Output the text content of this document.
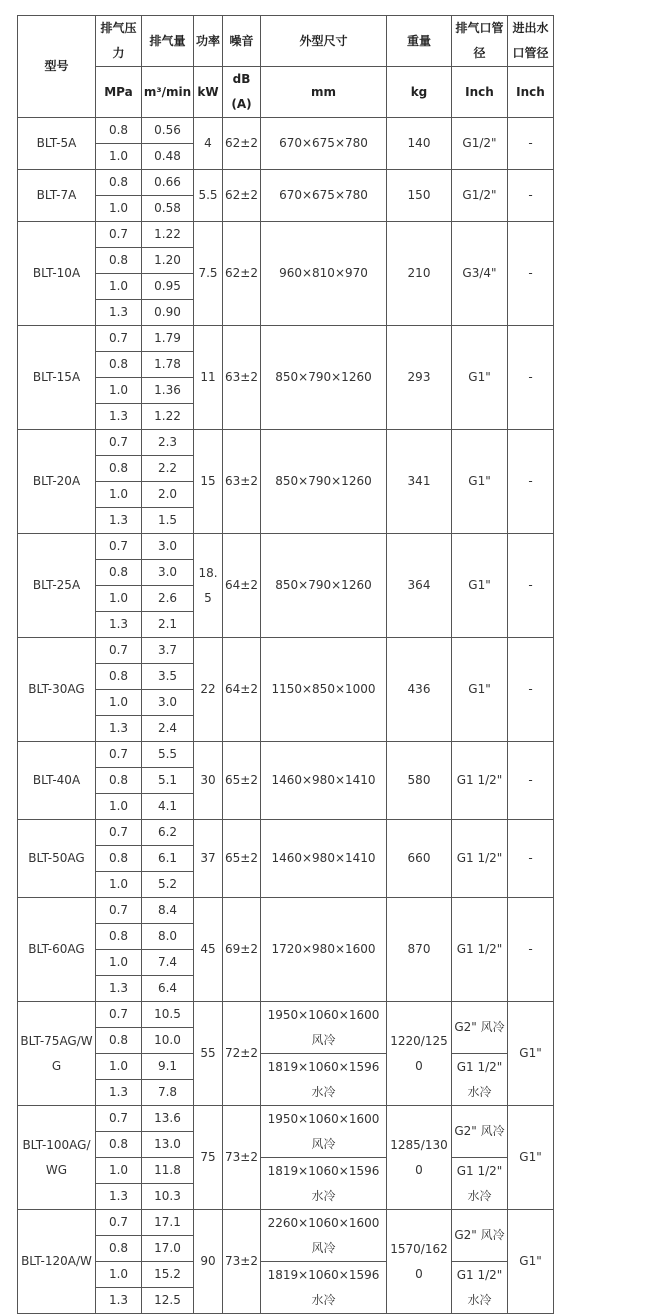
型号	排气压力	排气量	功率	噪音	外型尺寸	重量	排气口管径	进出水口管径
	MPa	m³/min	kW	dB(A)	mm	kg	Inch	Inch
BLT-5A	0.8	0.56	4	62±2	670×675×780	140	G1/2"	-
	1.0	0.48						
BLT-7A	0.8	0.66	5.5	62±2	670×675×780	150	G1/2"	-
	1.0	0.58						
BLT-10A	0.7	1.22	7.5	62±2	960×810×970	210	G3/4"	-
	0.8	1.20						
	1.0	0.95						
	1.3	0.90						
BLT-15A	0.7	1.79	11	63±2	850×790×1260	293	G1"	-
	0.8	1.78						
	1.0	1.36						
	1.3	1.22						
BLT-20A	0.7	2.3	15	63±2	850×790×1260	341	G1"	-
	0.8	2.2						
	1.0	2.0						
	1.3	1.5						
BLT-25A	0.7	3.0	18.5	64±2	850×790×1260	364	G1"	-
	0.8	3.0						
	1.0	2.6						
	1.3	2.1						
BLT-30AG	0.7	3.7	22	64±2	1150×850×1000	436	G1"	-
	0.8	3.5						
	1.0	3.0						
	1.3	2.4						
BLT-40A	0.7	5.5	30	65±2	1460×980×1410	580	G1 1/2"	-
	0.8	5.1						
	1.0	4.1						
BLT-50AG	0.7	6.2	37	65±2	1460×980×1410	660	G1 1/2"	-
	0.8	6.1						
	1.0	5.2						
BLT-60AG	0.7	8.4	45	69±2	1720×980×1600	870	G1 1/2"	-
	0.8	8.0						
	1.0	7.4						
	1.3	6.4						
BLT-75AG/WG	0.7	10.5	55	72±2	1950×1060×1600 风冷	1220/1250	G2" 风冷	G1"
	0.8	10.0						
	1.0	9.1			1819×1060×1596 水冷		G1 1/2" 水冷	
	1.3	7.8						
BLT-100AG/WG	0.7	13.6	75	73±2	1950×1060×1600 风冷	1285/1300	G2" 风冷	G1"
	0.8	13.0						
	1.0	11.8			1819×1060×1596 水冷		G1 1/2" 水冷	
	1.3	10.3						
BLT-120A/W	0.7	17.1	90	73±2	2260×1060×1600 风冷	1570/1620	G2" 风冷	G1"
	0.8	17.0						
	1.0	15.2			1819×1060×1596 水冷		G1 1/2" 水冷	
	1.3	12.5						
